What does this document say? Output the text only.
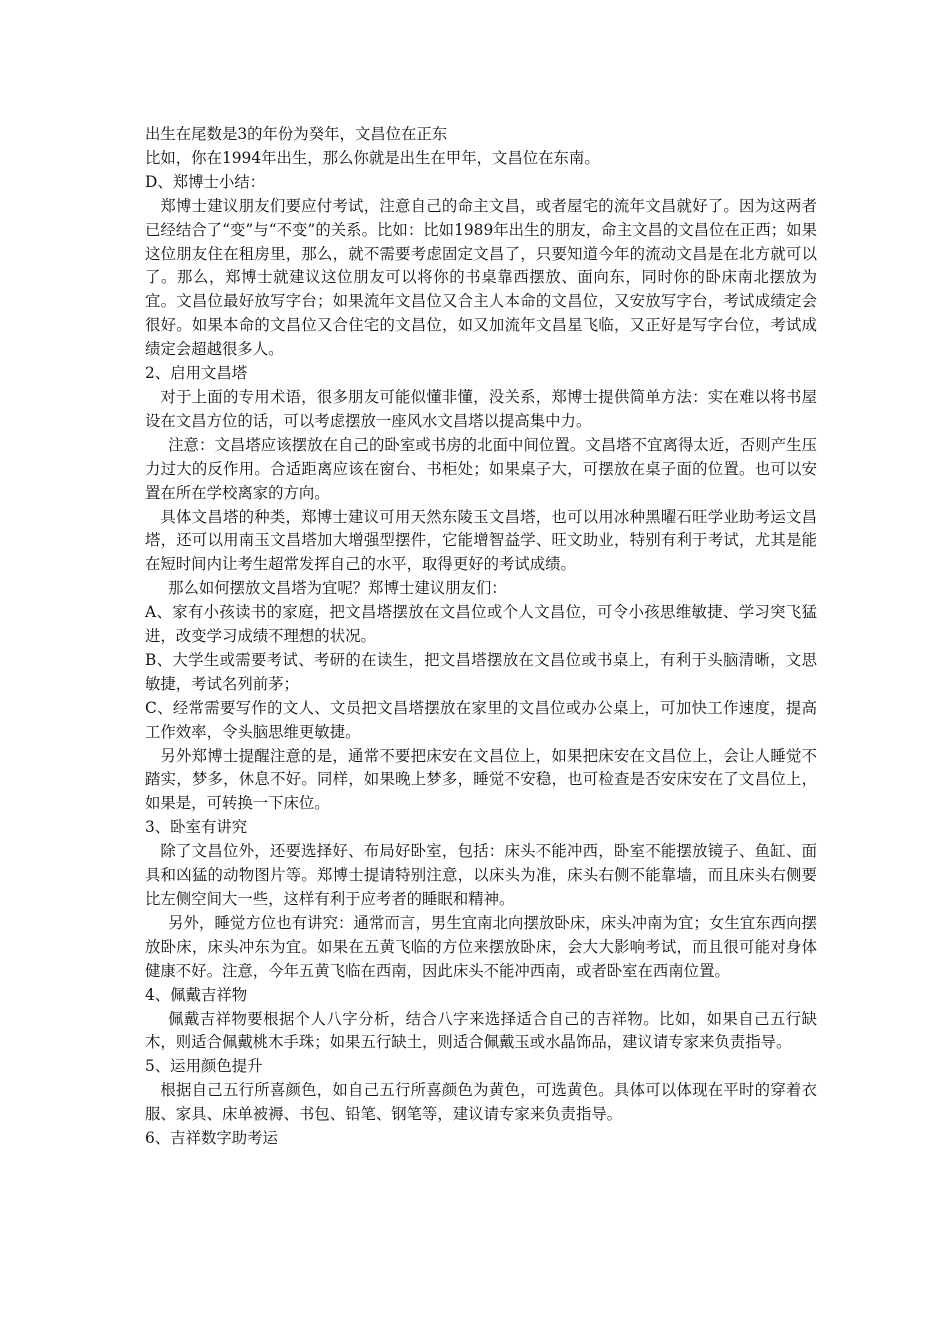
出生在尾数是3的年份为癸年，文昌位在正东

比如，你在1994年出生，那么你就是出生在甲年，文昌位在东南。

D、郑博士小结：

郑博士建议朋友们要应付考试，注意自己的命主文昌，或者屋宅的流年文昌就好了。因为这两者已经结合了“变”与“不变”的关系。比如：比如1989年出生的朋友，命主文昌的文昌位在正西；如果这位朋友住在租房里，那么，就不需要考虑固定文昌了，只要知道今年的流动文昌是在北方就可以了。那么，郑博士就建议这位朋友可以将你的书桌靠西摆放、面向东，同时你的卧床南北摆放为宜。文昌位最好放写字台；如果流年文昌位又合主人本命的文昌位，又安放写字台，考试成绩定会很好。如果本命的文昌位又合住宅的文昌位，如又加流年文昌星飞临，又正好是写字台位，考试成绩定会超越很多人。

2、启用文昌塔

对于上面的专用术语，很多朋友可能似懂非懂，没关系，郑博士提供简单方法：实在难以将书屋设在文昌方位的话，可以考虑摆放一座风水文昌塔以提高集中力。

注意：文昌塔应该摆放在自己的卧室或书房的北面中间位置。文昌塔不宜离得太近，否则产生压力过大的反作用。合适距离应该在窗台、书柜处；如果桌子大，可摆放在桌子面的位置。也可以安置在所在学校离家的方向。

具体文昌塔的种类，郑博士建议可用天然东陵玉文昌塔，也可以用冰种黑曜石旺学业助考运文昌塔，还可以用南玉文昌塔加大增强型摆件，它能增智益学、旺文助业，特别有利于考试，尤其是能在短时间内让考生超常发挥自己的水平，取得更好的考试成绩。

那么如何摆放文昌塔为宜呢？郑博士建议朋友们：

A、家有小孩读书的家庭，把文昌塔摆放在文昌位或个人文昌位，可令小孩思维敏捷、学习突飞猛进，改变学习成绩不理想的状况。

B、大学生或需要考试、考研的在读生，把文昌塔摆放在文昌位或书桌上，有利于头脑清晰，文思敏捷，考试名列前茅；

C、经常需要写作的文人、文员把文昌塔摆放在家里的文昌位或办公桌上，可加快工作速度，提高工作效率，令头脑思维更敏捷。

另外郑博士提醒注意的是，通常不要把床安在文昌位上，如果把床安在文昌位上，会让人睡觉不踏实，梦多，休息不好。同样，如果晚上梦多，睡觉不安稳，也可检查是否安床安在了文昌位上，如果是，可转换一下床位。

3、卧室有讲究

除了文昌位外，还要选择好、布局好卧室，包括：床头不能冲西，卧室不能摆放镜子、鱼缸、面具和凶猛的动物图片等。郑博士提请特别注意，以床头为准，床头右侧不能靠墙，而且床头右侧要比左侧空间大一些，这样有利于应考者的睡眠和精神。

另外，睡觉方位也有讲究：通常而言，男生宜南北向摆放卧床，床头冲南为宜；女生宜东西向摆放卧床，床头冲东为宜。如果在五黄飞临的方位来摆放卧床，会大大影响考试，而且很可能对身体健康不好。注意，今年五黄飞临在西南，因此床头不能冲西南，或者卧室在西南位置。

4、佩戴吉祥物

佩戴吉祥物要根据个人八字分析，结合八字来选择适合自己的吉祥物。比如，如果自己五行缺木，则适合佩戴桃木手珠；如果五行缺土，则适合佩戴玉或水晶饰品，建议请专家来负责指导。

5、运用颜色提升

根据自己五行所喜颜色，如自己五行所喜颜色为黄色，可选黄色。具体可以体现在平时的穿着衣服、家具、床单被褥、书包、铅笔、钢笔等，建议请专家来负责指导。

6、吉祥数字助考运
